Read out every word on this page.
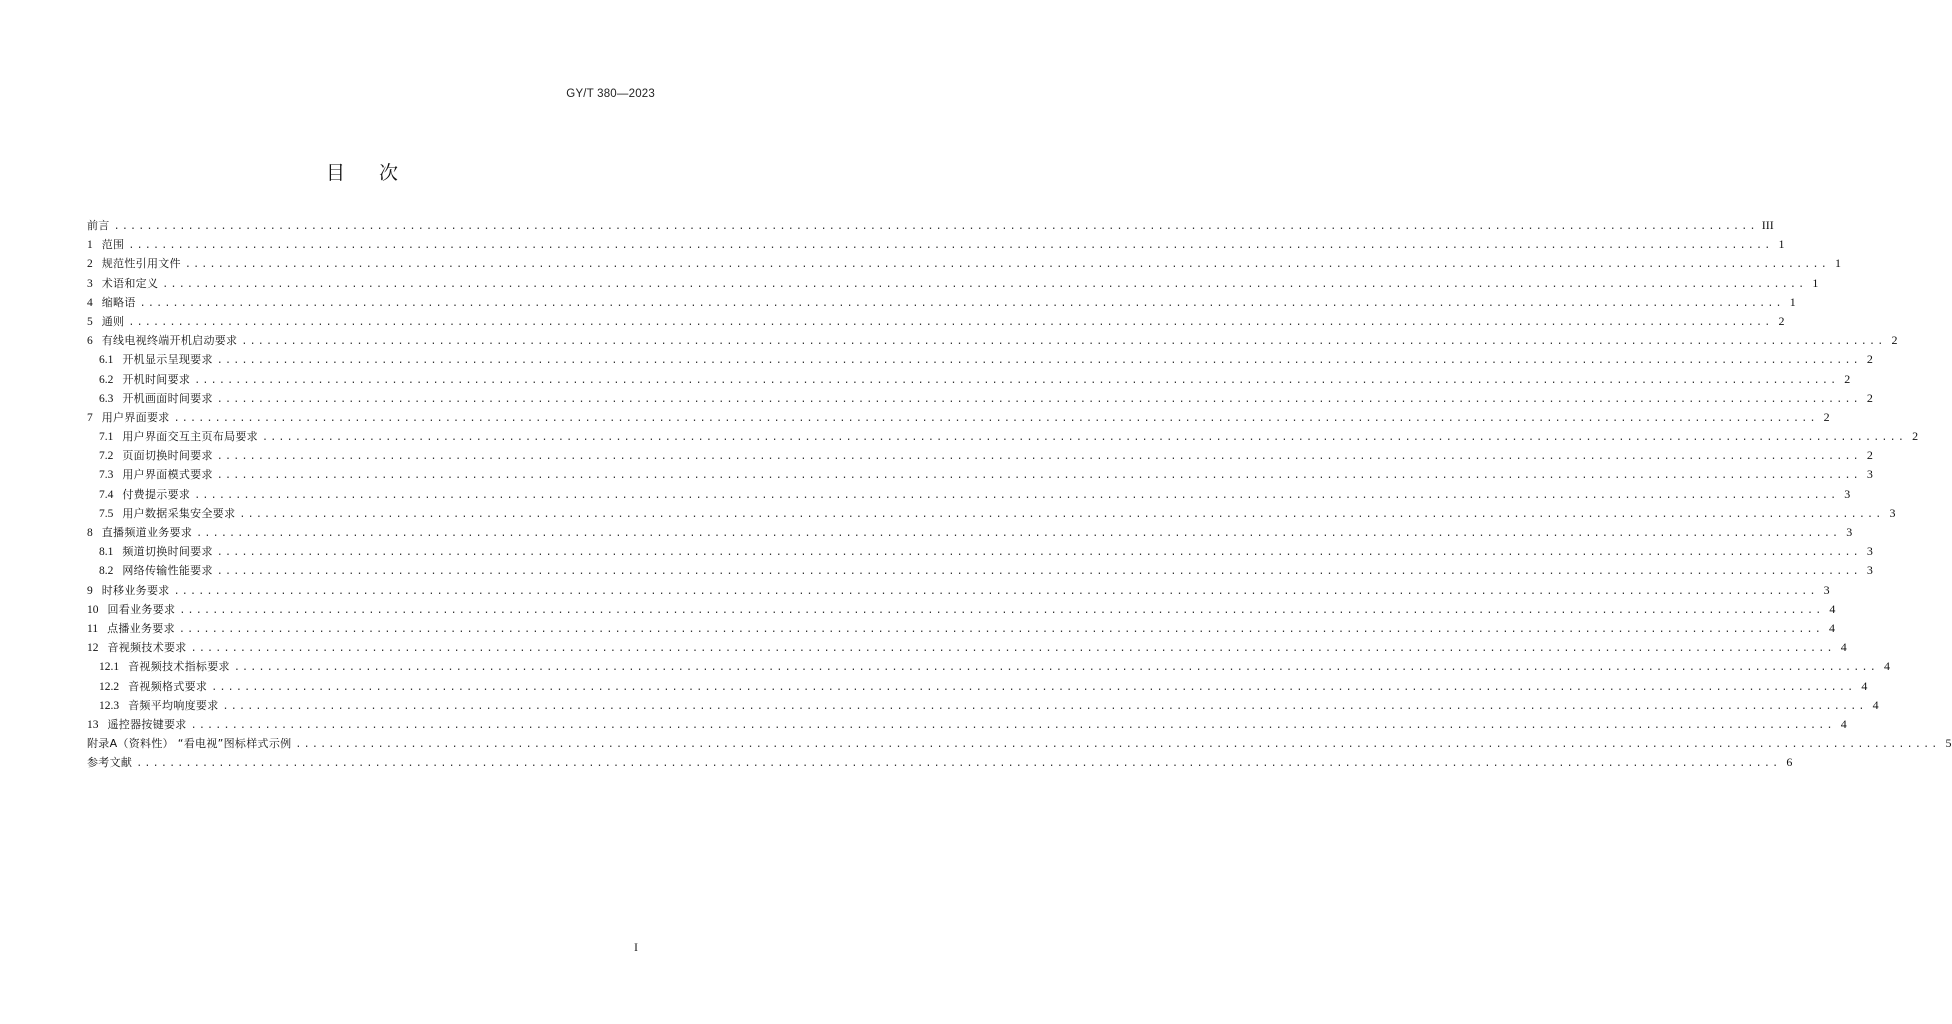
GY/T 380—2023
目 次
前言 ........................................................................................................................................................................................................ III
1 范围 ........................................................................................................................................................................................................ 1
2 规范性引用文件 ........................................................................................................................................................................................................ 1
3 术语和定义 ........................................................................................................................................................................................................ 1
4 缩略语 ........................................................................................................................................................................................................ 1
5 通则 ........................................................................................................................................................................................................ 2
6 有线电视终端开机启动要求 ........................................................................................................................................................................................................ 2
6.1 开机显示呈现要求 ........................................................................................................................................................................................................ 2
6.2 开机时间要求 ........................................................................................................................................................................................................ 2
6.3 开机画面时间要求 ........................................................................................................................................................................................................ 2
7 用户界面要求 ........................................................................................................................................................................................................ 2
7.1 用户界面交互主页布局要求 ........................................................................................................................................................................................................ 2
7.2 页面切换时间要求 ........................................................................................................................................................................................................ 2
7.3 用户界面模式要求 ........................................................................................................................................................................................................ 3
7.4 付费提示要求 ........................................................................................................................................................................................................ 3
7.5 用户数据采集安全要求 ........................................................................................................................................................................................................ 3
8 直播频道业务要求 ........................................................................................................................................................................................................ 3
8.1 频道切换时间要求 ........................................................................................................................................................................................................ 3
8.2 网络传输性能要求 ........................................................................................................................................................................................................ 3
9 时移业务要求 ........................................................................................................................................................................................................ 3
10 回看业务要求 ........................................................................................................................................................................................................ 4
11 点播业务要求 ........................................................................................................................................................................................................ 4
12 音视频技术要求 ........................................................................................................................................................................................................ 4
12.1 音视频技术指标要求 ........................................................................................................................................................................................................ 4
12.2 音视频格式要求 ........................................................................................................................................................................................................ 4
12.3 音频平均响度要求 ........................................................................................................................................................................................................ 4
13 遥控器按键要求 ........................................................................................................................................................................................................ 4
附录A（资料性） “看电视”图标样式示例 ........................................................................................................................................................................................................ 5
参考文献 ........................................................................................................................................................................................................ 6
I
